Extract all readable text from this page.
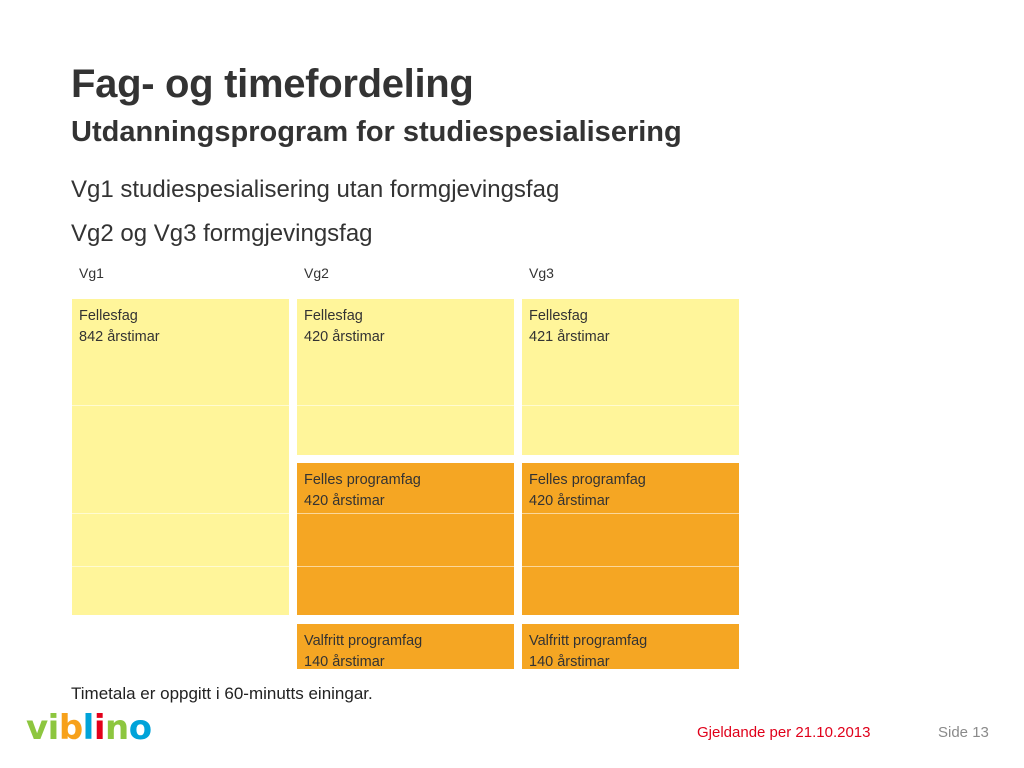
Fag- og timefordeling
Utdanningsprogram for studiespesialisering

Vg1 studiespesialisering utan formgjevingsfag

Vg2 og Vg3 formgjevingsfag

Vg1	Vg2	Vg3
Fellesfag
842 årstimar
Fellesfag
420 årstimar
Felles programfag
420 årstimar
Valfritt programfag
140 årstimar
Fellesfag
421 årstimar
Felles programfag
420 årstimar
Valfritt programfag
140 årstimar
Timetala er oppgitt i 60-minutts einingar.
viblino	Gjeldande per 21.10.2013	Side 13
